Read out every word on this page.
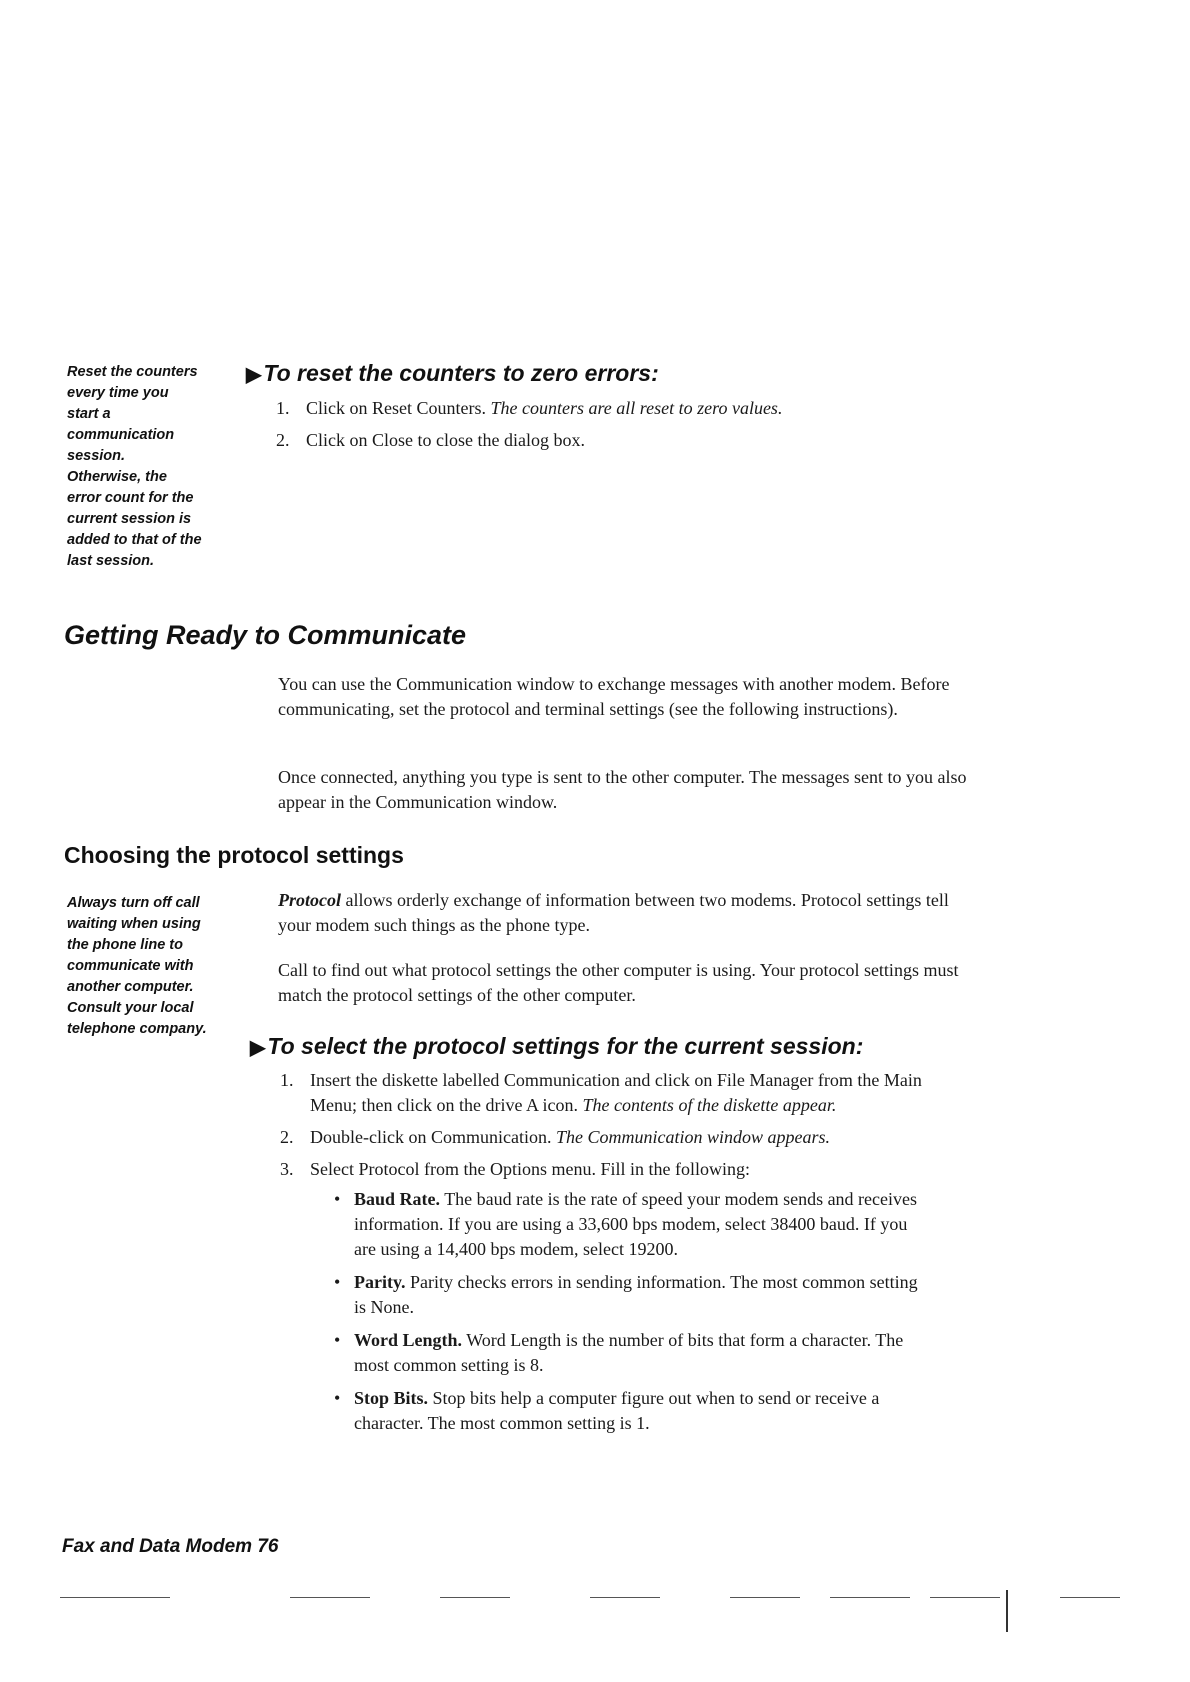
Reset the counters
every time you
start a
communication
session.
Otherwise, the
error count for the
current session is
added to that of the
last session.
▶To reset the counters to zero errors:
1. Click on Reset Counters. The counters are all reset to zero values.
2. Click on Close to close the dialog box.
Getting Ready to Communicate

You can use the Communication window to exchange messages with another modem. Before communicating, set the protocol and terminal settings (see the following instructions).

Once connected, anything you type is sent to the other computer. The messages sent to you also appear in the Communication window.

Choosing the protocol settings
Always turn off call
waiting when using
the phone line to
communicate with
another computer.
Consult your local
telephone company.

Protocol allows orderly exchange of information between two modems. Protocol settings tell your modem such things as the phone type.

Call to find out what protocol settings the other computer is using. Your protocol settings must match the protocol settings of the other computer.

▶To select the protocol settings for the current session:
1. Insert the diskette labelled Communication and click on File Manager from the Main Menu; then click on the drive A icon. The contents of the diskette appear.
2. Double-click on Communication. The Communication window appears.
3. Select Protocol from the Options menu. Fill in the following:
• Baud Rate. The baud rate is the rate of speed your modem sends and receives information. If you are using a 33,600 bps modem, select 38400 baud. If you are using a 14,400 bps modem, select 19200.
• Parity. Parity checks errors in sending information. The most common setting is None.
• Word Length. Word Length is the number of bits that form a character. The most common setting is 8.
• Stop Bits. Stop bits help a computer figure out when to send or receive a character. The most common setting is 1.
Fax and Data Modem 76
